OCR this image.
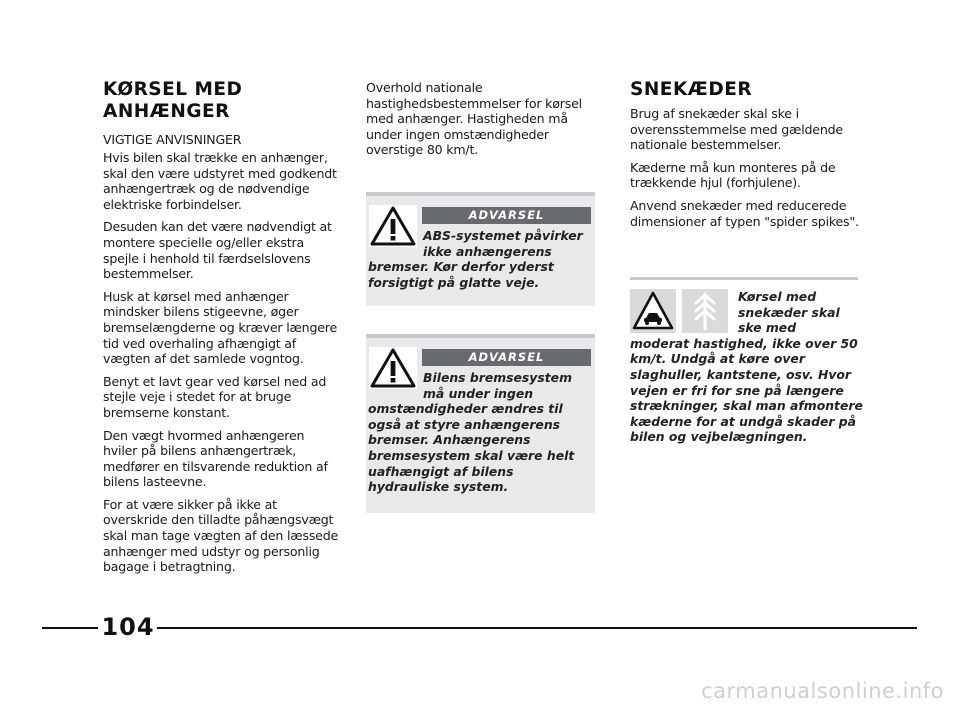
KØRSEL MED
ANHÆNGER

VIGTIGE ANVISNINGER

Hvis bilen skal trække en anhænger, skal den være udstyret med godkendt anhængertræk og de nødvendige elektriske forbindelser.

Desuden kan det være nødvendigt at montere specielle og/eller ekstra spejle i henhold til færdselslovens bestemmelser.

Husk at kørsel med anhænger mindsker bilens stigeevne, øger bremselængderne og kræver længere tid ved overhaling afhængigt af vægten af det samlede vogntog.

Benyt et lavt gear ved kørsel ned ad stejle veje i stedet for at bruge bremserne konstant.

Den vægt hvormed anhængeren hviler på bilens anhængertræk, medfører en tilsvarende reduktion af bilens lasteevne.

For at være sikker på ikke at overskride den tilladte påhængsvægt skal man tage vægten af den læssede anhænger med udstyr og personlig bagage i betragtning.

Overhold nationale hastighedsbestemmelser for kørsel med anhænger. Hastigheden må under ingen omstændigheder overstige 80 km/t.

ADVARSEL
ABS-systemet påvirker ikke anhængerens
bremser. Kør derfor yderst forsigtigt på glatte veje.
ADVARSEL
Bilens bremsesystem må under ingen
omstændigheder ændres til også at styre anhængerens bremser. Anhængerens bremsesystem skal være helt uafhængigt af bilens hydrauliske system.
SNEKÆDER

Brug af snekæder skal ske i overensstemmelse med gældende nationale bestemmelser.

Kæderne må kun monteres på de trækkende hjul (forhjulene).

Anvend snekæder med reducerede dimensioner af typen "spider spikes".

Kørsel med snekæder skal ske med
moderat hastighed, ikke over 50 km/t. Undgå at køre over slaghuller, kantstene, osv. Hvor vejen er fri for sne på længere strækninger, skal man afmontere kæderne for at undgå skader på bilen og vejbelægningen.
104
carmanualsonline.info
